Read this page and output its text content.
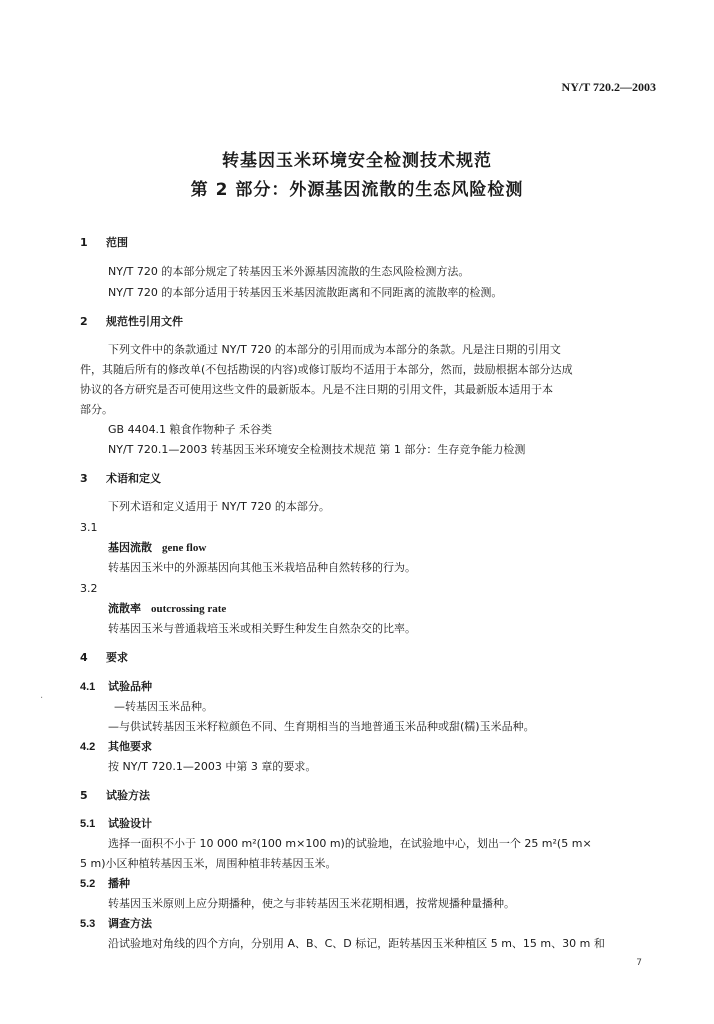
NY/T 720.2—2003
转基因玉米环境安全检测技术规范
第 2 部分：外源基因流散的生态风险检测
1 范围
NY/T 720 的本部分规定了转基因玉米外源基因流散的生态风险检测方法。
NY/T 720 的本部分适用于转基因玉米基因流散距离和不同距离的流散率的检测。
2 规范性引用文件
下列文件中的条款通过 NY/T 720 的本部分的引用而成为本部分的条款。凡是注日期的引用文
件，其随后所有的修改单(不包括勘误的内容)或修订版均不适用于本部分，然而，鼓励根据本部分达成
协议的各方研究是否可使用这些文件的最新版本。凡是不注日期的引用文件，其最新版本适用于本
部分。
GB 4404.1 粮食作物种子 禾谷类
NY/T 720.1—2003 转基因玉米环境安全检测技术规范 第 1 部分：生存竞争能力检测
3 术语和定义
下列术语和定义适用于 NY/T 720 的本部分。
3.1
基因流散 gene flow
转基因玉米中的外源基因向其他玉米栽培品种自然转移的行为。
3.2
流散率 outcrossing rate
转基因玉米与普通栽培玉米或相关野生种发生自然杂交的比率。
4 要求
.
4.1 试验品种
—转基因玉米品种。
—与供试转基因玉米籽粒颜色不同、生育期相当的当地普通玉米品种或甜(糯)玉米品种。
4.2 其他要求
按 NY/T 720.1—2003 中第 3 章的要求。
5 试验方法
5.1 试验设计
选择一面积不小于 10 000 m²(100 m×100 m)的试验地，在试验地中心，划出一个 25 m²(5 m×
5 m)小区种植转基因玉米，周围种植非转基因玉米。
5.2 播种
转基因玉米原则上应分期播种，使之与非转基因玉米花期相遇，按常规播种量播种。
5.3 调查方法
沿试验地对角线的四个方向，分别用 A、B、C、D 标记，距转基因玉米种植区 5 m、15 m、30 m 和
7
